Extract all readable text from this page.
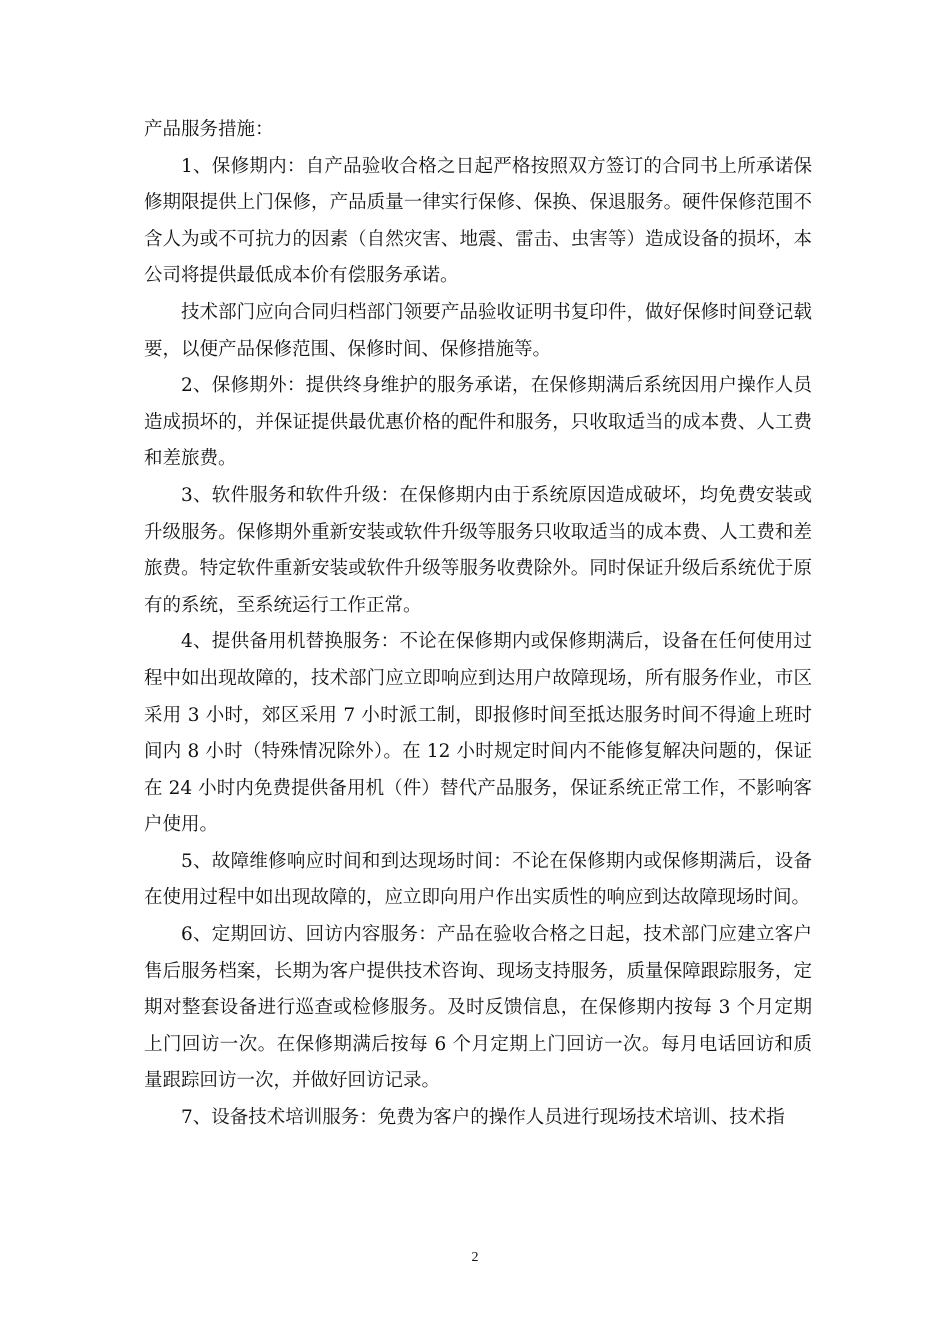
产品服务措施：

1、保修期内：自产品验收合格之日起严格按照双方签订的合同书上所承诺保修期限提供上门保修，产品质量一律实行保修、保换、保退服务。硬件保修范围不含人为或不可抗力的因素（自然灾害、地震、雷击、虫害等）造成设备的损坏，本公司将提供最低成本价有偿服务承诺。

技术部门应向合同归档部门领要产品验收证明书复印件，做好保修时间登记载要，以便产品保修范围、保修时间、保修措施等。

2、保修期外：提供终身维护的服务承诺，在保修期满后系统因用户操作人员造成损坏的，并保证提供最优惠价格的配件和服务，只收取适当的成本费、人工费和差旅费。

3、软件服务和软件升级：在保修期内由于系统原因造成破坏，均免费安装或升级服务。保修期外重新安装或软件升级等服务只收取适当的成本费、人工费和差旅费。特定软件重新安装或软件升级等服务收费除外。同时保证升级后系统优于原有的系统，至系统运行工作正常。

4、提供备用机替换服务：不论在保修期内或保修期满后，设备在任何使用过程中如出现故障的，技术部门应立即响应到达用户故障现场，所有服务作业，市区采用 3 小时，郊区采用 7 小时派工制，即报修时间至抵达服务时间不得逾上班时间内 8 小时（特殊情况除外）。在 12 小时规定时间内不能修复解决问题的，保证在 24 小时内免费提供备用机（件）替代产品服务，保证系统正常工作，不影响客户使用。

5、故障维修响应时间和到达现场时间：不论在保修期内或保修期满后，设备在使用过程中如出现故障的，应立即向用户作出实质性的响应到达故障现场时间。

6、定期回访、回访内容服务：产品在验收合格之日起，技术部门应建立客户售后服务档案，长期为客户提供技术咨询、现场支持服务，质量保障跟踪服务，定期对整套设备进行巡查或检修服务。及时反馈信息，在保修期内按每 3 个月定期上门回访一次。在保修期满后按每 6 个月定期上门回访一次。每月电话回访和质量跟踪回访一次，并做好回访记录。

7、设备技术培训服务：免费为客户的操作人员进行现场技术培训、技术指

2
